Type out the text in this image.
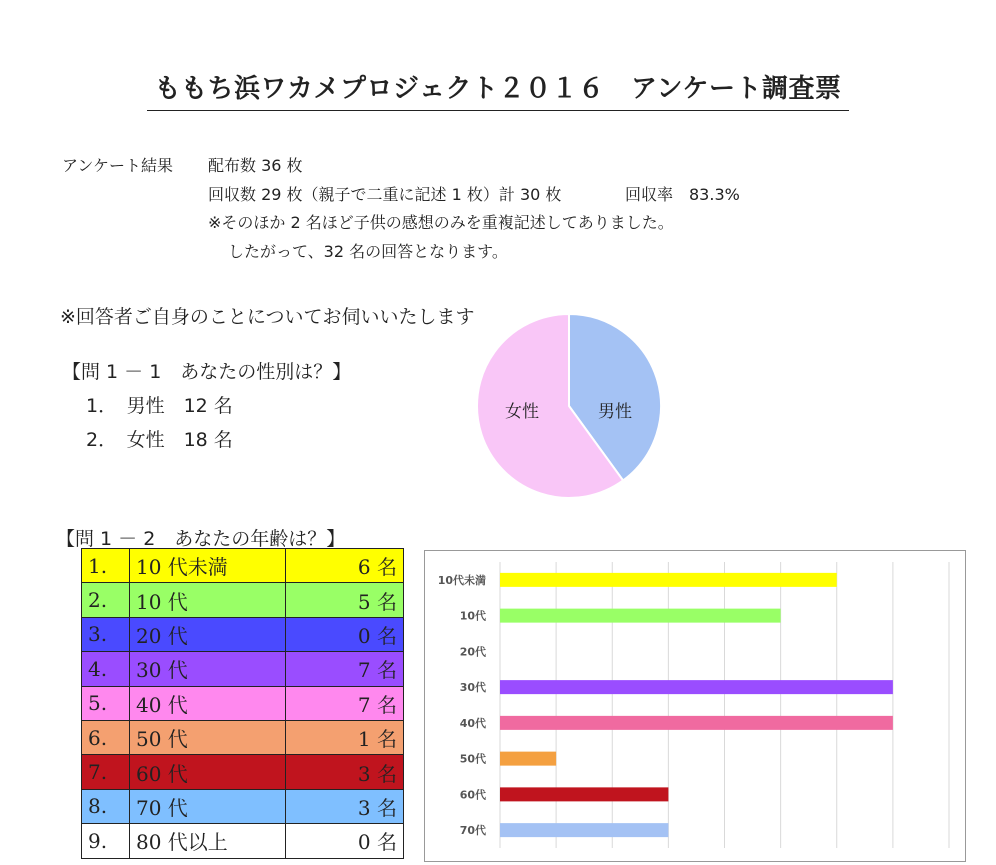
ももち浜ワカメプロジェクト２０１６　アンケート調査票
アンケート結果 配布数 36 枚
回収数 29 枚（親子で二重に記述 1 枚）計 30 枚	回収率　83.3%
※そのほか 2 名ほど子供の感想のみを重複記述してありました。
したがって、32 名の回答となります。
※回答者ご自身のことについてお伺いいたします
【問 1 － 1　あなたの性別は？】
1．　男性　12 名
2．　女性　18 名
男性
女性
【問 1 － 2　あなたの年齢は？】
1.	10 代未満	6 名
2.	10 代	5 名
3.	20 代	0 名
4.	30 代	7 名
5.	40 代	7 名
6.	50 代	1 名
7.	60 代	3 名
8.	70 代	3 名
9.	80 代以上	0 名
10代未満
10代
20代
30代
40代
50代
60代
70代
